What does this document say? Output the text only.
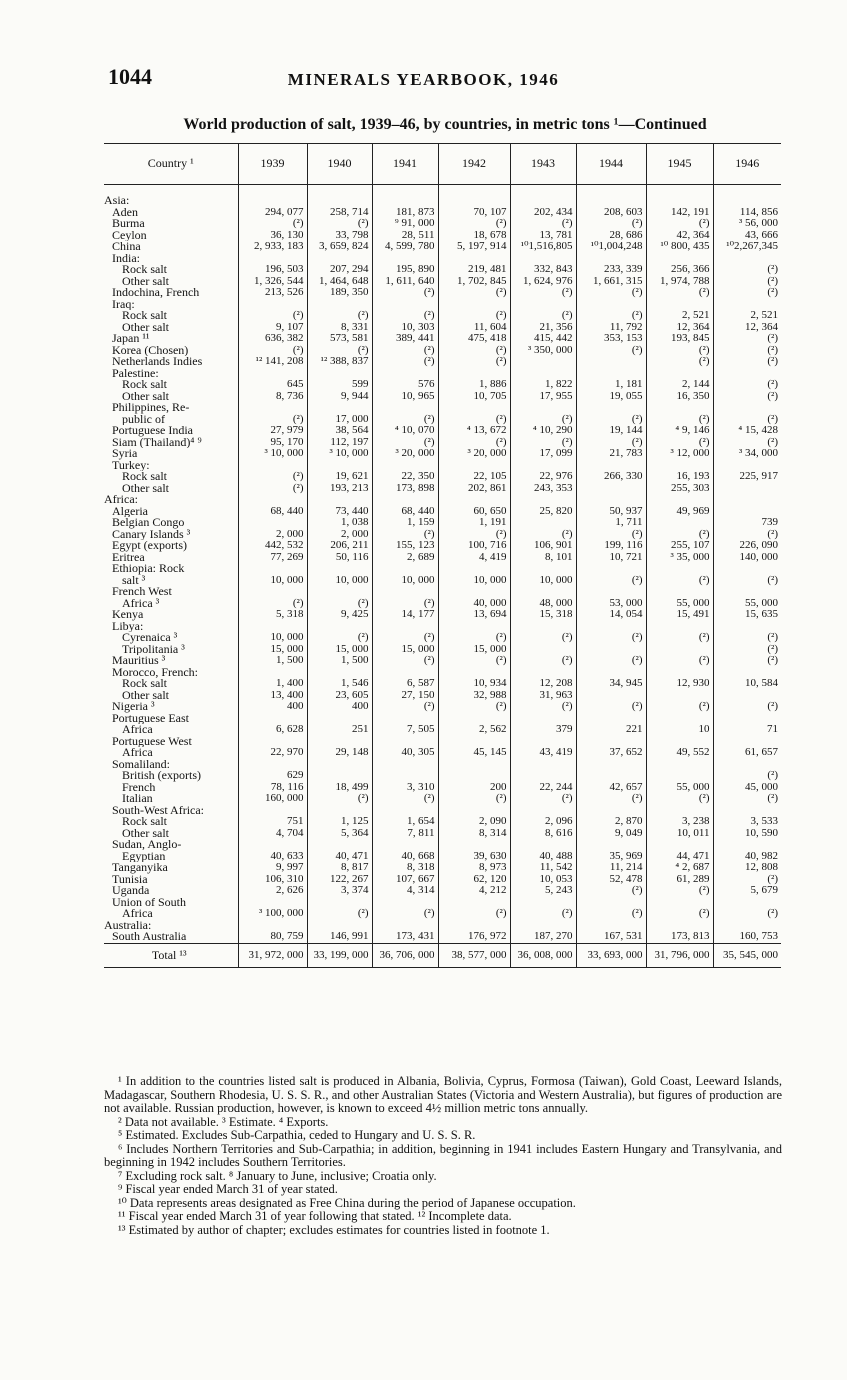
1044	MINERALS YEARBOOK, 1946
World production of salt, 1939–46, by countries, in metric tons ¹—Continued
Country ¹	1939	1940	1941	1942	1943	1944	1945	1946
Asia:								
Aden	294, 077	258, 714	181, 873	70, 107	202, 434	208, 603	142, 191	114, 856
Burma	(²)	(²)	⁹ 91, 000	(²)	(²)	(²)	(²)	³ 56, 000
Ceylon	36, 130	33, 798	28, 511	18, 678	13, 781	28, 686	42, 364	43, 666
China	2, 933, 183	3, 659, 824	4, 599, 780	5, 197, 914	¹⁰1,516,805	¹⁰1,004,248	¹⁰ 800, 435	¹⁰2,267,345
India:								
Rock salt	196, 503	207, 294	195, 890	219, 481	332, 843	233, 339	256, 366	(²)
Other salt	1, 326, 544	1, 464, 648	1, 611, 640	1, 702, 845	1, 624, 976	1, 661, 315	1, 974, 788	(²)
Indochina, French	213, 526	189, 350	(²)	(²)	(²)	(²)	(²)	(²)
Iraq:								
Rock salt	(²)	(²)	(²)	(²)	(²)	(²)	2, 521	2, 521
Other salt	9, 107	8, 331	10, 303	11, 604	21, 356	11, 792	12, 364	12, 364
Japan ¹¹	636, 382	573, 581	389, 441	475, 418	415, 442	353, 153	193, 845	(²)
Korea (Chosen)	(²)	(²)	(²)	(²)	³ 350, 000	(²)	(²)	(²)
Netherlands Indies	¹² 141, 208	¹² 388, 837	(²)	(²)			(²)	(²)
Palestine:								
Rock salt	645	599	576	1, 886	1, 822	1, 181	2, 144	(²)
Other salt	8, 736	9, 944	10, 965	10, 705	17, 955	19, 055	16, 350	(²)
Philippines, Re-								
public of	(²)	17, 000	(²)	(²)	(²)	(²)	(²)	(²)
Portuguese India	27, 979	38, 564	⁴ 10, 070	⁴ 13, 672	⁴ 10, 290	19, 144	⁴ 9, 146	⁴ 15, 428
Siam (Thailand)⁴ ⁹	95, 170	112, 197	(²)	(²)	(²)	(²)	(²)	(²)
Syria	³ 10, 000	³ 10, 000	³ 20, 000	³ 20, 000	17, 099	21, 783	³ 12, 000	³ 34, 000
Turkey:								
Rock salt	(²)	19, 621	22, 350	22, 105	22, 976	266, 330	16, 193	225, 917
Other salt	(²)	193, 213	173, 898	202, 861	243, 353		255, 303	
Africa:								
Algeria	68, 440	73, 440	68, 440	60, 650	25, 820	50, 937	49, 969	
Belgian Congo		1, 038	1, 159	1, 191		1, 711		739
Canary Islands ³	2, 000	2, 000	(²)	(²)	(²)	(²)	(²)	(²)
Egypt (exports)	442, 532	206, 211	155, 123	100, 716	106, 901	199, 116	255, 107	226, 090
Eritrea	77, 269	50, 116	2, 689	4, 419	8, 101	10, 721	³ 35, 000	140, 000
Ethiopia: Rock								
salt ³	10, 000	10, 000	10, 000	10, 000	10, 000	(²)	(²)	(²)
French West								
Africa ³	(²)	(²)	(²)	40, 000	48, 000	53, 000	55, 000	55, 000
Kenya	5, 318	9, 425	14, 177	13, 694	15, 318	14, 054	15, 491	15, 635
Libya:								
Cyrenaica ³	10, 000	(²)	(²)	(²)	(²)	(²)	(²)	(²)
Tripolitania ³	15, 000	15, 000	15, 000	15, 000				(²)
Mauritius ³	1, 500	1, 500	(²)	(²)	(²)	(²)	(²)	(²)
Morocco, French:								
Rock salt	1, 400	1, 546	6, 587	10, 934	12, 208	34, 945	12, 930	10, 584
Other salt	13, 400	23, 605	27, 150	32, 988	31, 963			
Nigeria ³	400	400	(²)	(²)	(²)	(²)	(²)	(²)
Portuguese East								
Africa	6, 628	251	7, 505	2, 562	379	221	10	71
Portuguese West								
Africa	22, 970	29, 148	40, 305	45, 145	43, 419	37, 652	49, 552	61, 657
Somaliland:								
British (exports)	629							(²)
French	78, 116	18, 499	3, 310	200	22, 244	42, 657	55, 000	45, 000
Italian	160, 000	(²)	(²)	(²)	(²)	(²)	(²)	(²)
South-West Africa:								
Rock salt	751	1, 125	1, 654	2, 090	2, 096	2, 870	3, 238	3, 533
Other salt	4, 704	5, 364	7, 811	8, 314	8, 616	9, 049	10, 011	10, 590
Sudan, Anglo-								
Egyptian	40, 633	40, 471	40, 668	39, 630	40, 488	35, 969	44, 471	40, 982
Tanganyika	9, 997	8, 817	8, 318	8, 973	11, 542	11, 214	⁴ 2, 687	12, 808
Tunisia	106, 310	122, 267	107, 667	62, 120	10, 053	52, 478	61, 289	(²)
Uganda	2, 626	3, 374	4, 314	4, 212	5, 243	(²)	(²)	5, 679
Union of South								
Africa	³ 100, 000	(²)	(²)	(²)	(²)	(²)	(²)	(²)
Australia:								
South Australia	80, 759	146, 991	173, 431	176, 972	187, 270	167, 531	173, 813	160, 753
Total ¹³	31, 972, 000	33, 199, 000	36, 706, 000	38, 577, 000	36, 008, 000	33, 693, 000	31, 796, 000	35, 545, 000

¹ In addition to the countries listed salt is produced in Albania, Bolivia, Cyprus, Formosa (Taiwan), Gold Coast, Leeward Islands, Madagascar, Southern Rhodesia, U. S. S. R., and other Australian States (Victoria and Western Australia), but figures of production are not available. Russian production, however, is known to exceed 4½ million metric tons annually.

² Data not available. ³ Estimate. ⁴ Exports.

⁵ Estimated. Excludes Sub-Carpathia, ceded to Hungary and U. S. S. R.

⁶ Includes Northern Territories and Sub-Carpathia; in addition, beginning in 1941 includes Eastern Hungary and Transylvania, and beginning in 1942 includes Southern Territories.

⁷ Excluding rock salt. ⁸ January to June, inclusive; Croatia only.

⁹ Fiscal year ended March 31 of year stated.

¹⁰ Data represents areas designated as Free China during the period of Japanese occupation.

¹¹ Fiscal year ended March 31 of year following that stated. ¹² Incomplete data.

¹³ Estimated by author of chapter; excludes estimates for countries listed in footnote 1.
